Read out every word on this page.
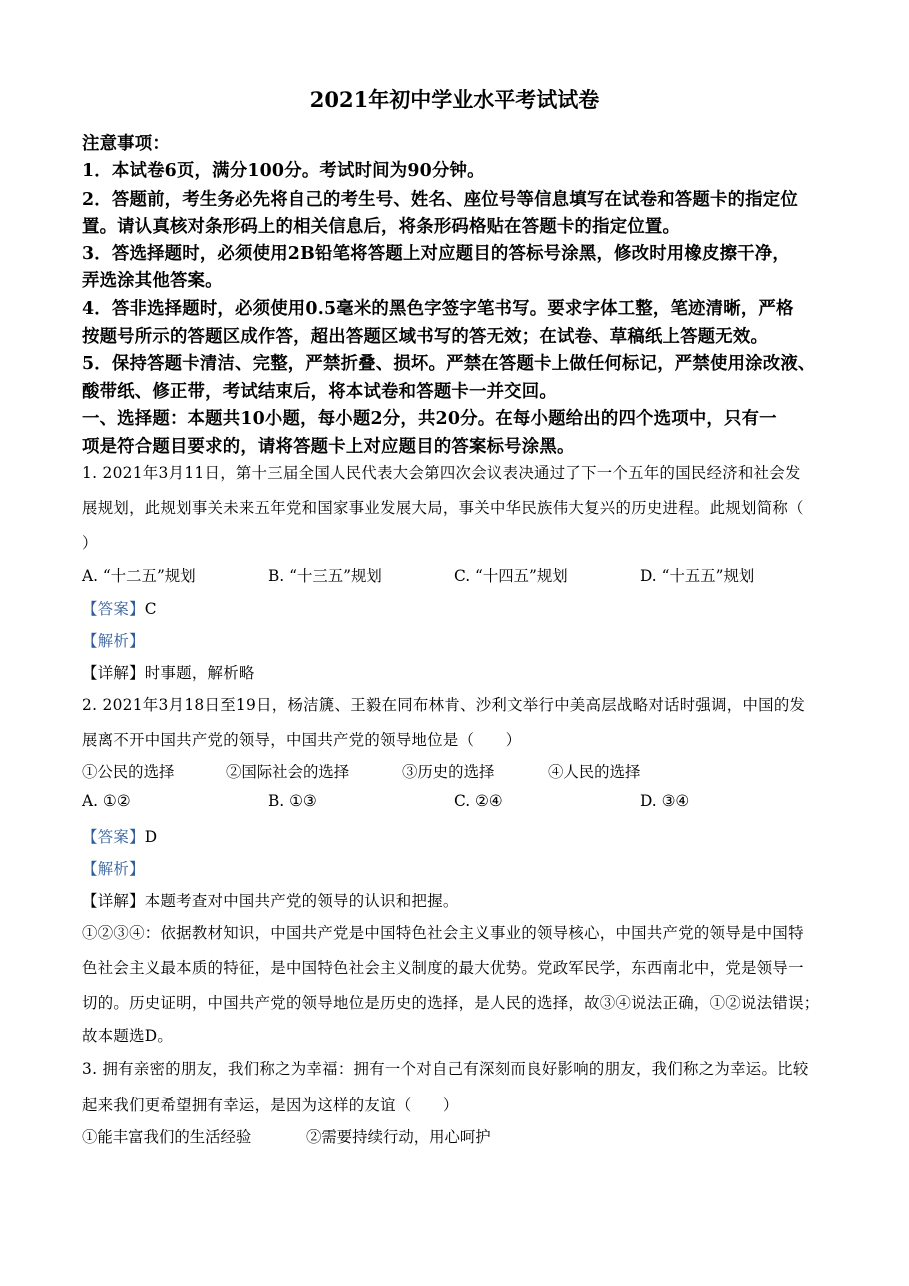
2021年初中学业水平考试试卷
注意事项：
1．本试卷6页，满分100分。考试时间为90分钟。
2．答题前，考生务必先将自己的考生号、姓名、座位号等信息填写在试卷和答题卡的指定位
置。请认真核对条形码上的相关信息后，将条形码格贴在答题卡的指定位置。
3．答选择题时，必须使用2B铅笔将答题上对应题目的答标号涂黑，修改时用橡皮擦干净，
弄选涂其他答案。
4．答非选择题时，必须使用0.5毫米的黑色字签字笔书写。要求字体工整，笔迹清晰，严格
按题号所示的答题区成作答，超出答题区域书写的答无效；在试卷、草稿纸上答题无效。
5．保持答题卡清洁、完整，严禁折叠、损坏。严禁在答题卡上做任何标记，严禁使用涂改液、
酸带纸、修正带，考试结束后，将本试卷和答题卡一并交回。
一、选择题：本题共10小题，每小题2分，共20分。在每小题给出的四个选项中，只有一
项是符合题目要求的，请将答题卡上对应题目的答案标号涂黑。
1. 2021年3月11日，第十三届全国人民代表大会第四次会议表决通过了下一个五年的国民经济和社会发
展规划，此规划事关未来五年党和国家事业发展大局，事关中华民族伟大复兴的历史进程。此规划简称（
）
A. “十二五”规划	B. “十三五”规划	C. “十四五”规划	D. “十五五”规划
【答案】C
【解析】
【详解】时事题，解析略
2. 2021年3月18日至19日，杨洁篪、王毅在同布林肯、沙利文举行中美高层战略对话时强调，中国的发
展离不开中国共产党的领导，中国共产党的领导地位是（　　）
①公民的选择	②国际社会的选择	③历史的选择	④人民的选择
A. ①②	B. ①③	C. ②④	D. ③④
【答案】D
【解析】
【详解】本题考查对中国共产党的领导的认识和把握。
①②③④：依据教材知识，中国共产党是中国特色社会主义事业的领导核心，中国共产党的领导是中国特
色社会主义最本质的特征，是中国特色社会主义制度的最大优势。党政军民学，东西南北中，党是领导一
切的。历史证明，中国共产党的领导地位是历史的选择，是人民的选择，故③④说法正确，①②说法错误；
故本题选D。
3. 拥有亲密的朋友，我们称之为幸福：拥有一个对自己有深刻而良好影响的朋友，我们称之为幸运。比较
起来我们更希望拥有幸运，是因为这样的友谊（　　）
①能丰富我们的生活经验	②需要持续行动，用心呵护
